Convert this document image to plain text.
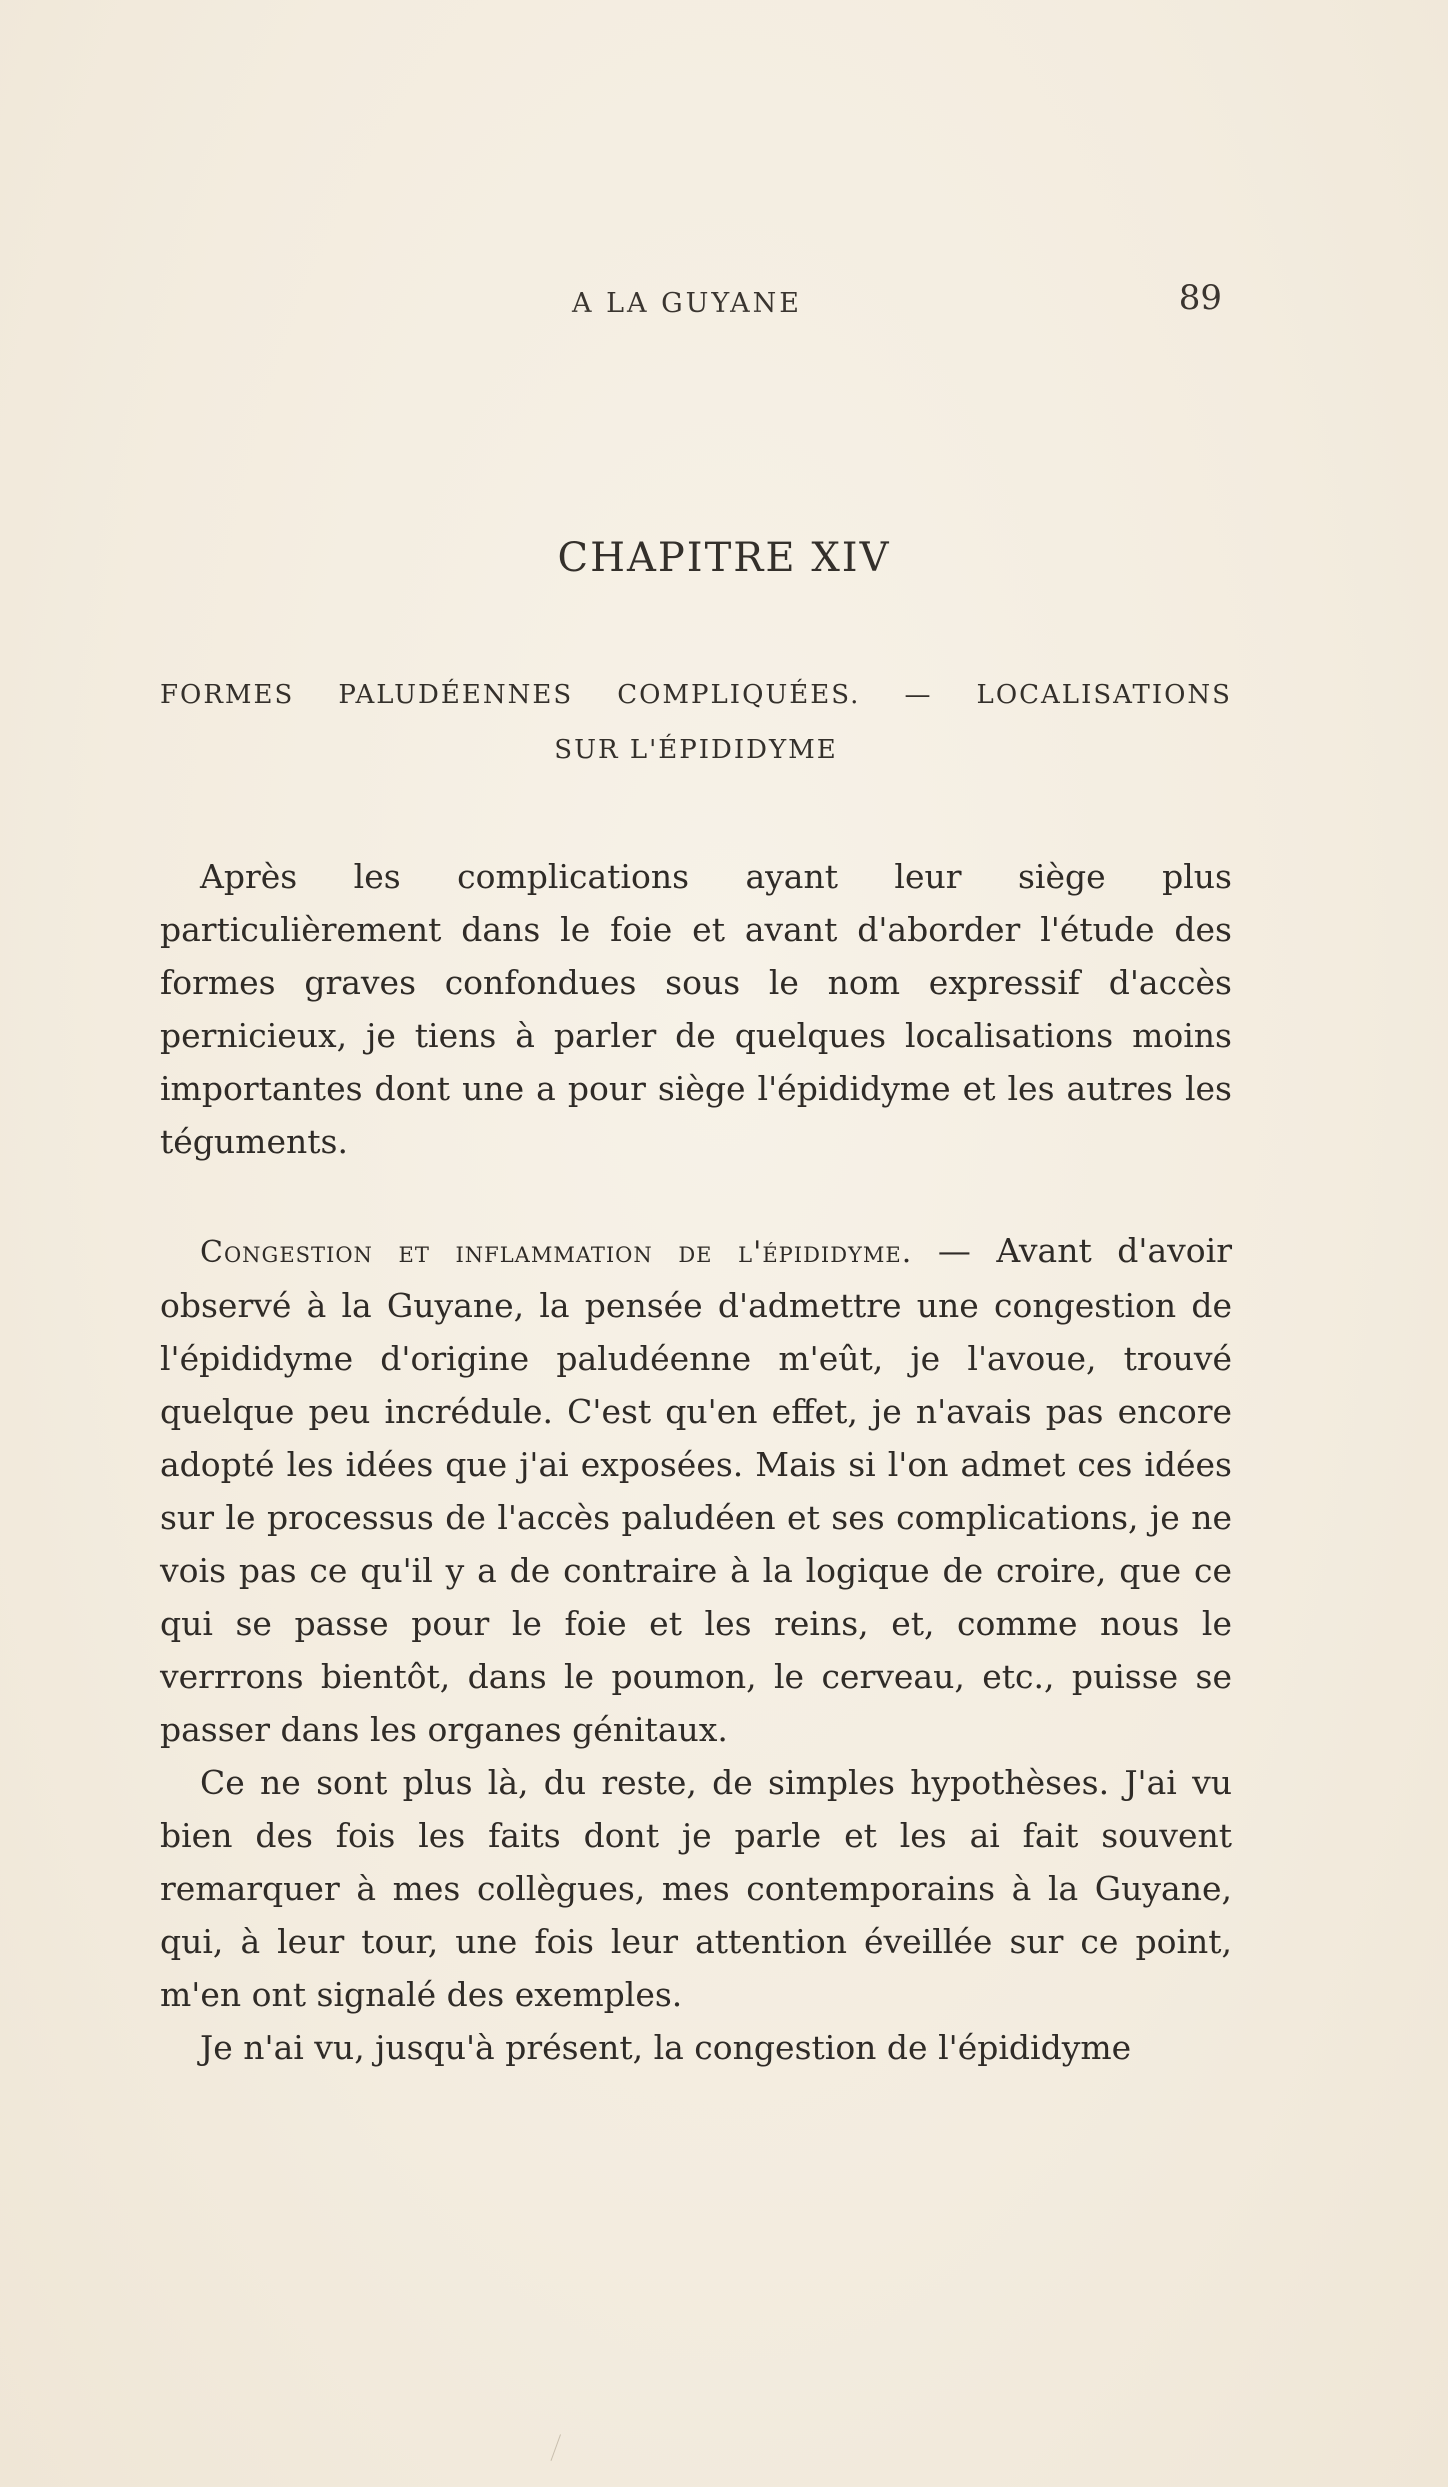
A LA GUYANE	89
CHAPITRE XIV
FORMES PALUDÉENNES COMPLIQUÉES. — LOCALISATIONS
SUR L'ÉPIDIDYME

Après les complications ayant leur siège plus particulièrement dans le foie et avant d'aborder l'étude des formes graves confondues sous le nom expressif d'accès pernicieux, je tiens à parler de quelques localisations moins importantes dont une a pour siège l'épididyme et les autres les téguments.

Congestion et inflammation de l'épididyme. — Avant d'avoir observé à la Guyane, la pensée d'admettre une congestion de l'épididyme d'origine paludéenne m'eût, je l'avoue, trouvé quelque peu incrédule. C'est qu'en effet, je n'avais pas encore adopté les idées que j'ai exposées. Mais si l'on admet ces idées sur le processus de l'accès paludéen et ses complications, je ne vois pas ce qu'il y a de contraire à la logique de croire, que ce qui se passe pour le foie et les reins, et, comme nous le verrrons bientôt, dans le poumon, le cerveau, etc., puisse se passer dans les organes génitaux.

Ce ne sont plus là, du reste, de simples hypothèses. J'ai vu bien des fois les faits dont je parle et les ai fait souvent remarquer à mes collègues, mes contemporains à la Guyane, qui, à leur tour, une fois leur attention éveillée sur ce point, m'en ont signalé des exemples.

Je n'ai vu, jusqu'à présent, la congestion de l'épididyme
